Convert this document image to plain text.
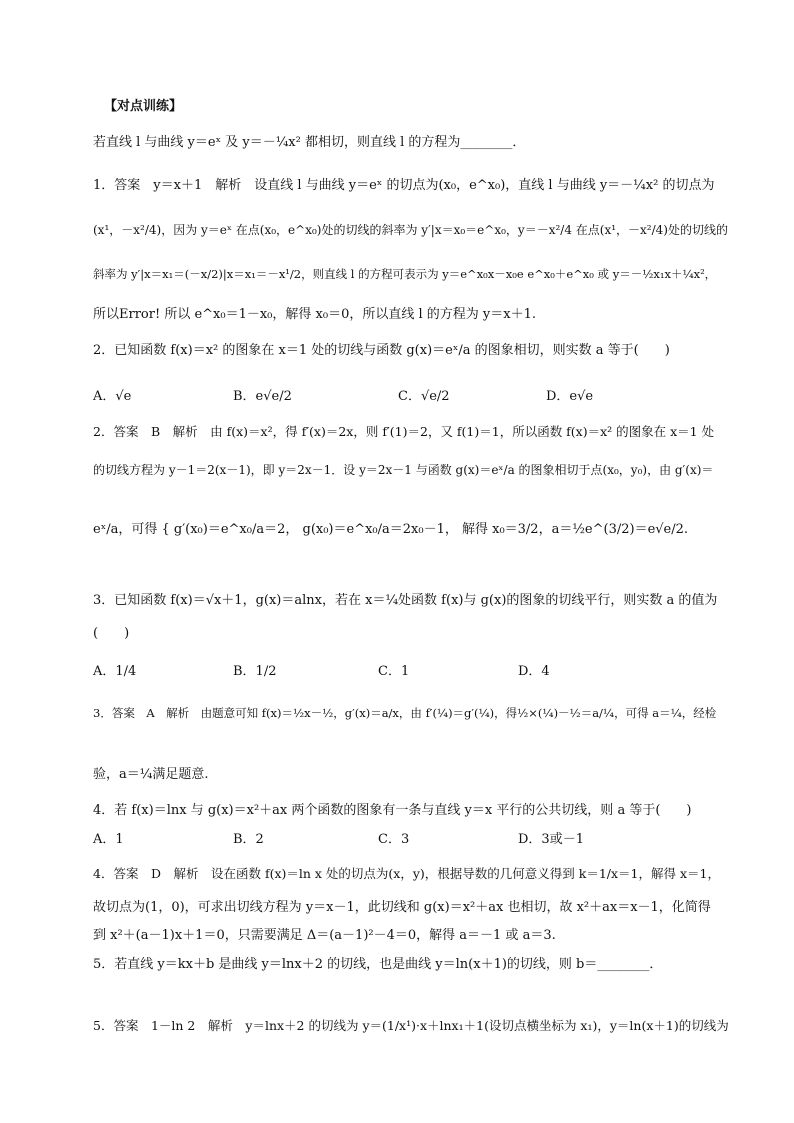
【对点训练】
若直线 l 与曲线 y＝eˣ 及 y＝－¼x² 都相切，则直线 l 的方程为________．
1．答案　y＝x＋1　解析　设直线 l 与曲线 y＝eˣ 的切点为(x₀，e^x₀)，直线 l 与曲线 y＝－¼x² 的切点为
(x¹，－x²/4)，因为 y＝eˣ 在点(x₀，e^x₀)处的切线的斜率为 y′|x＝x₀＝e^x₀，y＝－x²/4 在点(x¹，－x²/4)处的切线的
斜率为 y′|x＝x₁＝(－x/2)|x＝x₁＝－x¹/2，则直线 l 的方程可表示为 y＝e^x₀x－x₀e e^x₀＋e^x₀ 或 y＝－½x₁x＋¼x²，
所以Error! 所以 e^x₀＝1－x₀，解得 x₀＝0，所以直线 l 的方程为 y＝x＋1.
2．已知函数 f(x)＝x² 的图象在 x＝1 处的切线与函数 g(x)＝eˣ/a 的图象相切，则实数 a 等于(　　)
A．√e	B．e√e/2	C．√e/2	D．e√e
2．答案　B　解析　由 f(x)＝x²，得 f′(x)＝2x，则 f′(1)＝2，又 f(1)＝1，所以函数 f(x)＝x² 的图象在 x＝1 处
的切线方程为 y－1＝2(x－1)，即 y＝2x－1．设 y＝2x－1 与函数 g(x)＝eˣ/a 的图象相切于点(x₀，y₀)，由 g′(x)＝
eˣ/a，可得 { g′(x₀)＝e^x₀/a＝2， g(x₀)＝e^x₀/a＝2x₀－1， 解得 x₀＝3/2，a＝½e^(3/2)＝e√e/2.
3．已知函数 f(x)＝√x＋1，g(x)＝alnx，若在 x＝¼处函数 f(x)与 g(x)的图象的切线平行，则实数 a 的值为
(　　)
A．1/4	B．1/2	C．1	D．4
3．答案　A　解析　由题意可知 f(x)＝½x－½，g′(x)＝a/x，由 f′(¼)＝g′(¼)，得½×(¼)－½＝a/¼，可得 a＝¼，经检
验，a＝¼满足题意.
4．若 f(x)＝lnx 与 g(x)＝x²＋ax 两个函数的图象有一条与直线 y＝x 平行的公共切线，则 a 等于(　　)
A．1	B．2	C．3	D．3或－1
4．答案　D　解析　设在函数 f(x)＝ln x 处的切点为(x，y)，根据导数的几何意义得到 k＝1/x＝1，解得 x＝1，
故切点为(1，0)，可求出切线方程为 y＝x－1，此切线和 g(x)＝x²＋ax 也相切，故 x²＋ax＝x－1，化简得
到 x²＋(a－1)x＋1＝0，只需要满足 Δ＝(a－1)²－4＝0，解得 a＝－1 或 a＝3.
5．若直线 y＝kx＋b 是曲线 y＝lnx＋2 的切线，也是曲线 y＝ln(x＋1)的切线，则 b＝________．
5．答案　1－ln 2　解析　y＝lnx＋2 的切线为 y＝(1/x¹)·x＋lnx₁＋1(设切点横坐标为 x₁)，y＝ln(x＋1)的切线为
